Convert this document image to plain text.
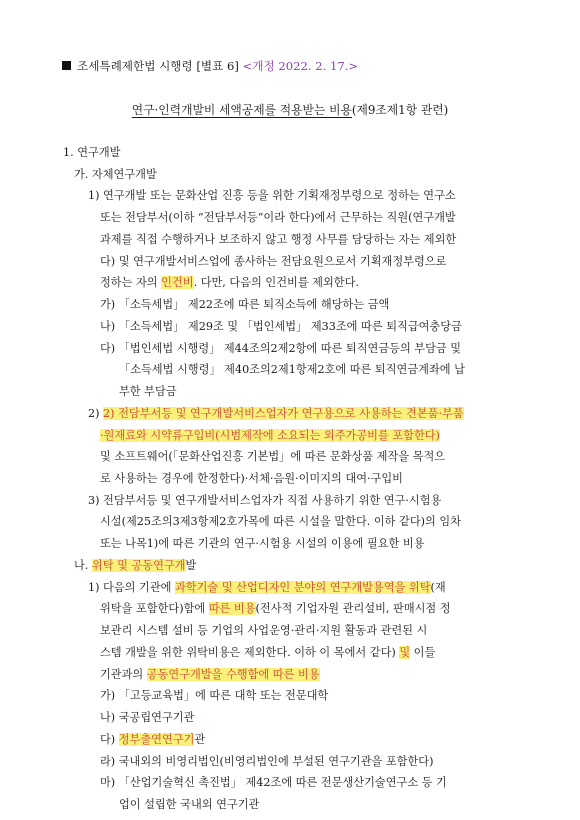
조세특례제한법 시행령 [별표 6] <개정 2022. 2. 17.>
연구·인력개발비 세액공제를 적용받는 비용(제9조제1항 관련)
1. 연구개발
가. 자체연구개발
1) 연구개발 또는 문화산업 진흥 등을 위한 기획재정부령으로 정하는 연구소
또는 전담부서(이하 “전담부서등”이라 한다)에서 근무하는 직원(연구개발
과제를 직접 수행하거나 보조하지 않고 행정 사무를 담당하는 자는 제외한
다) 및 연구개발서비스업에 종사하는 전담요원으로서 기획재정부령으로
정하는 자의 인건비. 다만, 다음의 인건비를 제외한다.
가) 「소득세법」 제22조에 따른 퇴직소득에 해당하는 금액
나) 「소득세법」 제29조 및 「법인세법」 제33조에 따른 퇴직급여충당금
다) 「법인세법 시행령」 제44조의2제2항에 따른 퇴직연금등의 부담금 및
「소득세법 시행령」 제40조의2제1항제2호에 따른 퇴직연금계좌에 납
부한 부담금
2) 2) 전담부서등 및 연구개발서비스업자가 연구용으로 사용하는 견본품·부품
·원재료와 시약류구입비(시범제작에 소요되는 외주가공비를 포함한다)
및 소프트웨어(「문화산업진흥 기본법」에 따른 문화상품 제작을 목적으
로 사용하는 경우에 한정한다)·서체·음원·이미지의 대여·구입비
3) 전담부서등 및 연구개발서비스업자가 직접 사용하기 위한 연구·시험용
시설(제25조의3제3항제2호가목에 따른 시설을 말한다. 이하 같다)의 임차
또는 나목1)에 따른 기관의 연구·시험용 시설의 이용에 필요한 비용
나. 위탁 및 공동연구개발
1) 다음의 기관에 과학기술 및 산업디자인 분야의 연구개발용역을 위탁(재
위탁을 포함한다)함에 따른 비용(전사적 기업자원 관리설비, 판매시점 정
보관리 시스템 설비 등 기업의 사업운영·관리·지원 활동과 관련된 시
스템 개발을 위한 위탁비용은 제외한다. 이하 이 목에서 같다) 및 이들
기관과의 공동연구개발을 수행함에 따른 비용
가) 「고등교육법」에 따른 대학 또는 전문대학
나) 국공립연구기관
다) 정부출연연구기관
라) 국내외의 비영리법인(비영리법인에 부설된 연구기관을 포함한다)
마) 「산업기술혁신 촉진법」 제42조에 따른 전문생산기술연구소 등 기
업이 설립한 국내외 연구기관
